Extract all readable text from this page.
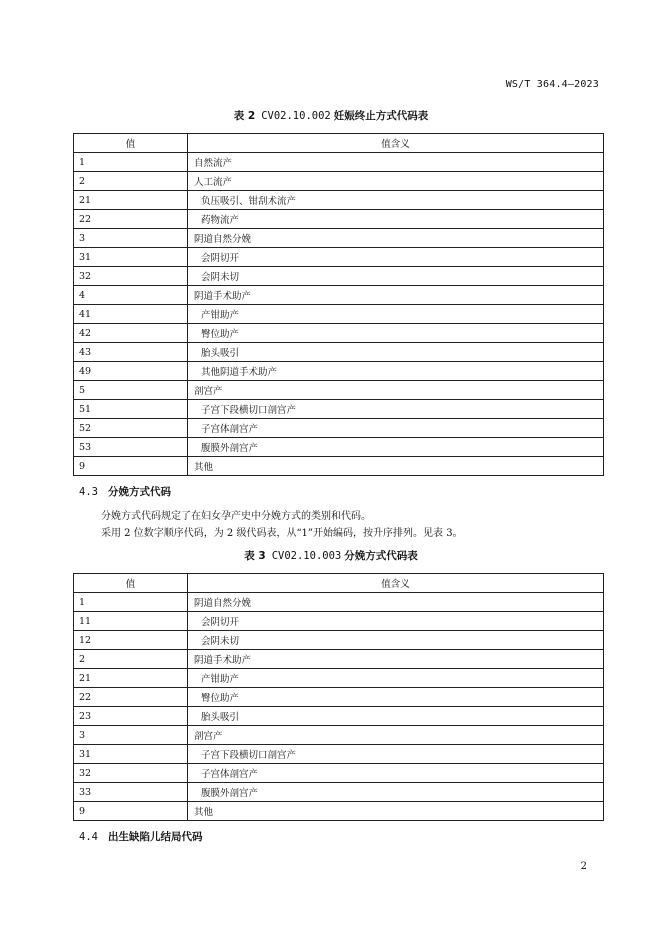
WS/T 364.4—2023
表 2 CV02.10.002 妊娠终止方式代码表
值	值含义
1	自然流产
2	人工流产
21	负压吸引、钳刮术流产
22	药物流产
3	阴道自然分娩
31	会阴切开
32	会阴未切
4	阴道手术助产
41	产钳助产
42	臀位助产
43	胎头吸引
49	其他阴道手术助产
5	剖宫产
51	子宫下段横切口剖宫产
52	子宫体剖宫产
53	腹膜外剖宫产
9	其他
4.3 分娩方式代码
分娩方式代码规定了在妇女孕产史中分娩方式的类别和代码。
采用 2 位数字顺序代码，为 2 级代码表，从“1”开始编码，按升序排列。见表 3。
表 3 CV02.10.003 分娩方式代码表
值	值含义
1	阴道自然分娩
11	会阴切开
12	会阴未切
2	阴道手术助产
21	产钳助产
22	臀位助产
23	胎头吸引
3	剖宫产
31	子宫下段横切口剖宫产
32	子宫体剖宫产
33	腹膜外剖宫产
9	其他
4.4 出生缺陷儿结局代码
2
